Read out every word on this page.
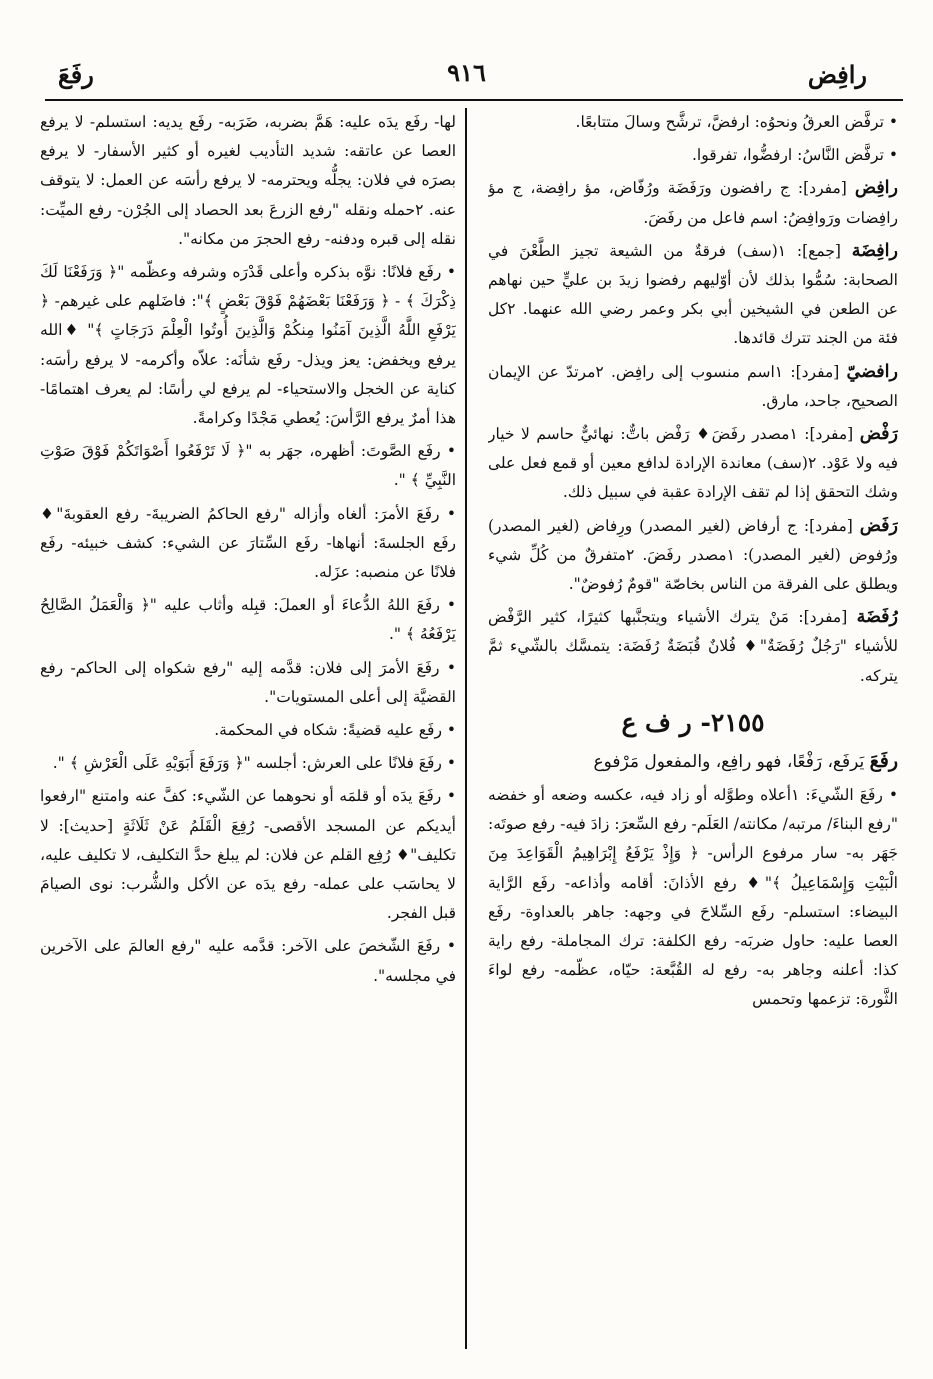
رافِض
٩١٦
رفَعَ

• ترفَّض العرقُ ونحوُه: ارفضَّ، ترشَّح وسالَ متتابعًا.

• ترفَّض النَّاسُ: ارفضُّوا، تفرقوا.

رافِض [مفرد]: ج رافضون ورَفَضَة ورُفّاض، مؤ رافِضة، ج مؤ رافِضات ورَوافِضُ: اسم فاعل من رفَضَ.

رافِضَة [جمع]: ١(سف) فرقةٌ من الشيعة تجيز الطَّعْنَ في الصحابة: سُمُّوا بذلك لأن أوّليهم رفضوا زيدَ بن عليٍّ حين نهاهم عن الطعن في الشيخين أبي بكر وعمر رضي الله عنهما. ٢كل فئة من الجند تترك قائدها.

رافضيّ [مفرد]: ١اسم منسوب إلى رافِض. ٢مرتدّ عن الإيمان الصحيح، جاحد، مارق.

رَفْض [مفرد]: ١مصدر رفَضَ♦ رَفْض باتٌّ: نهائيٌّ حاسم لا خيار فيه ولا عَوْد. ٢(سف) معاندة الإرادة لدافع معين أو قمع فعل على وشك التحقق إذا لم تقف الإرادة عقبة في سبيل ذلك.

رَفَض [مفرد]: ج أرفاض (لغير المصدر) ورِفاض (لغير المصدر) ورُفوض (لغير المصدر): ١مصدر رفَضَ. ٢متفرقٌ من كُلِّ شيء ويطلق على الفرقة من الناس بخاصّة "قومٌ رُفوضٌ".

رُفَضَة [مفرد]: مَنْ يترك الأشياء ويتجنَّبها كثيرًا، كثير الرَّفْض للأشياء "رَجُلٌ رُفَضَةٌ"♦ فُلانٌ قُبَضَةٌ رُفَضَة: يتمسَّك بالشّيء ثمَّ يتركه.

٢١٥٥- ر ف ع

رفَعَ يَرفَع، رَفْعًا، فهو رافِع، والمفعول مَرْفوع

• رفَعَ الشّيءَ: ١أعلاه وطوَّله أو زاد فيه، عكسه وضعه أو خفضه "رفع البناءَ/ مرتبه/ مكانته/ العَلَم- رفع السِّعرَ: زادَ فيه- رفع صوتَه: جَهَر به- سار مرفوع الرأس- ﴿ وَإِذْ يَرْفَعُ إِبْرَاهِيمُ الْقَوَاعِدَ مِنَ الْبَيْتِ وَإِسْمَاعِيلُ ﴾"♦ رفع الأذانَ: أقامه وأذاعه- رفَع الرَّاية البيضاء: استسلم- رفَع السِّلاحَ في وجهه: جاهر بالعداوة- رفَع العصا عليه: حاول ضربَه- رفع الكلفة: ترك المجاملة- رفع راية كذا: أعلنه وجاهر به- رفع له القُبَّعة: حيّاه، عظّمه- رفع لواءَ الثَّورة: تزعمها وتحمس

لها- رفَع يدَه عليه: هَمَّ بضربه، ضَرَبه- رفَع يديه: استسلم- لا يرفع العصا عن عاتقه: شديد التأديب لغيره أو كثير الأسفار- لا يرفع بصرَه في فلان: يجلُّه ويحترمه- لا يرفع رأسَه عن العمل: لا يتوقف عنه. ٢حمله ونقله "رفع الزرعَ بعد الحصاد إلى الجُرْن- رفع الميِّت: نقله إلى قبره ودفنه- رفع الحجرَ من مكانه".

• رفَع فلانًا: نوَّه بذكره وأعلى قَدْرَه وشرفه وعظّمه "﴿ وَرَفَعْنَا لَكَ ذِكْرَكَ ﴾ - ﴿ وَرَفَعْنَا بَعْضَهُمْ فَوْقَ بَعْضٍ ﴾": فاضَلهم على غيرهم- ﴿ يَرْفَعِ اللَّهُ الَّذِينَ آمَنُوا مِنكُمْ وَالَّذِينَ أُوتُوا الْعِلْمَ دَرَجَاتٍ ﴾" ♦الله يرفع ويخفض: يعز ويذل- رفَع شأنَه: علاّه وأكرمه- لا يرفع رأسَه: كناية عن الخجل والاستحياء- لم يرفع لي رأسًا: لم يعرف اهتمامًا- هذا أمرٌ يرفع الرَّأسَ: يُعطي مَجْدًا وكرامةً.

• رفَع الصَّوتَ: أظهره، جهَر به "﴿ لَا تَرْفَعُوا أَصْوَاتَكُمْ فَوْقَ صَوْتِ النَّبِيِّ ﴾ ".

• رفَعَ الأمرَ: ألغاه وأزاله "رفع الحاكمُ الضريبةَ- رفع العقوبةَ"♦ رفَع الجلسةَ: أنهاها- رفَع السِّتارَ عن الشيء: كشف خبيئه- رفَع فلانًا عن منصبه: عزَله.

• رفَعَ اللهُ الدُّعاءَ أو العملَ: قبِله وأثاب عليه "﴿ وَالْعَمَلُ الصَّالِحُ يَرْفَعُهُ ﴾ ".

• رفَعَ الأمرَ إلى فلان: قدَّمه إليه "رفع شكواه إلى الحاكم- رفع القضيَّة إلى أعلى المستويات".

• رفَع عليه قضيةً: شكاه في المحكمة.

• رفَعَ فلانًا على العرش: أجلسه "﴿ وَرَفَعَ أَبَوَيْهِ عَلَى الْعَرْشِ ﴾ ".

• رفَعَ يدَه أو قلمَه أو نحوهما عن الشّيء: كفَّ عنه وامتنع "ارفعوا أيديكم عن المسجد الأقصى- رُفِعَ الْقَلَمُ عَنْ ثَلَاثَةٍ [حديث]: لا تكليف"♦ رُفِع القلم عن فلان: لم يبلغ حدَّ التكليف، لا تكليف عليه، لا يحاسَب على عمله- رفع يدَه عن الأكل والشُّرب: نوى الصيامَ قبل الفجر.

• رفَعَ الشّخصَ على الآخر: قدَّمه عليه "رفع العالمَ على الآخرين في مجلسه".
